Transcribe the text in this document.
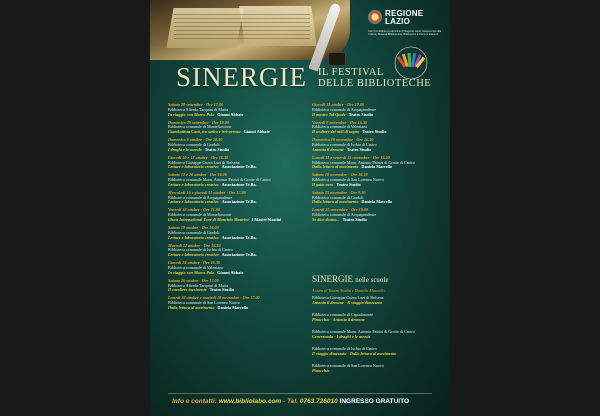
REGIONE
LAZIO
Con il contributo e patrocinio di Regione Lazio, Assessorato alla Cultura, Sistema Bibliotecario, Biblioteche e Comuni aderenti
SINERGIE IL FESTIVAL
DELLE BIBLIOTECHE
Sabato 28 settembre - Ore 17.00
Biblioteca Alfredo Tarquini di Marta
In viaggio con Marco Polo Gianni Abbate
Domenica 29 settembre - Ore 18.00
Biblioteca comunale di Montefiascone
Giambattista Casti, tra satira e irriverenza Gianni Abbate
Domenica 6 ottobre - Ore 16.30
Biblioteca comunale di Gradoli
I draghi e le nuvole Teatro Studio
Giovedì 10 e 17 ottobre - Ore 16.30
Biblioteca Giuseppe Cozza Luzi di Bolsena
Letture e laboratorio creativo Associazione Te.Bo.
Sabato 12 e 26 ottobre - Ore 16.00
Biblioteca comunale Mons. Antonio Patrizi di Grotte di Castro
Letture e laboratorio creativo Associazione Te.Bo.
Mercoledì 16 e giovedì 31 ottobre - Ore 17.00
Biblioteca comunale di Acquapendente
Letture e laboratorio creativo Associazione Te.Bo.
Venerdì 18 ottobre - Ore 21.00
Biblioteca comunale di Montefiascone
Ghost International Tour di Maurizio Mastrini I Mastri Mastini
Sabato 19 ottobre - Ore 16.00
Biblioteca comunale di Gradoli
Letture e laboratorio creativo Associazione Te.Bo.
Martedì 22 ottobre - Ore 16.30
Biblioteca comunale di Ischia di Castro
Letture e laboratorio creativo Associazione Te.Bo.
Giovedì 24 ottobre - Ore 16.30
Biblioteca comunale di Valentano
In viaggio con Marco Polo Gianni Abbate
Sabato 26 ottobre - Ore 17.00
Biblioteca Alfredo Tarquini di Marta
Il cavaliere inesistente Teatro Studio
Lunedì 28 ottobre e martedì 19 novembre - Ore 17.00
Biblioteca comunale di San Lorenzo Nuovo
Dalla lettura al movimento Daniela Marcello
Giovedì 31 ottobre - Ore 17.00
Biblioteca comunale di Acquapendente
Il mostro Tal Quale Teatro Studio
Venerdì 8 novembre - Ore 16.30
Biblioteca comunale di Valentano
Il scultore dei nidi di sogno Teatro Studio
Domenica 10 novembre - Ore 16.30
Biblioteca comunale di Ischia di Castro
Antonio il demone Teatro Studio
Lunedì 11 e venerdì 15 novembre - Ore 16.00
Biblioteca comunale Mons. Antonio Patrizi di Grotte di Castro
Dalla lettura al movimento Daniela Marcello
Sabato 16 novembre - Ore 16.30
Biblioteca comunale di San Lorenzo Nuovo
Il gatto nero Teatro Studio
Sabato 23 novembre - Ore 9.30
Biblioteca comunale di Gradoli
Dalla lettura al movimento Daniela Marcello
Lunedì 25 novembre - Ore 10.00
Biblioteca comunale di Acquapendente
Se dico donna... Teatro Studio
SINERGIE nelle scuole
A cura di Teatro Studio e Daniela Marcello
Biblioteca Giuseppe Cozza Luzi di Bolsena
Antonio il demone - Il viaggio dimezzato
Biblioteca comunale di Capodimonte
Pinocchio - Antonio il demone
Biblioteca comunale Mons. Antonio Patrizi di Grotte di Castro
Cenerentola - I draghi e le nuvole
Biblioteca comunale di Ischia di Castro
Il viaggio dimezzato - Dalla lettura al movimento
Biblioteca comunale di San Lorenzo Nuovo
Pinocchio
Info e contatti: www.bibliolabo.com - Tel. 0763.726010 INGRESSO GRATUITO
